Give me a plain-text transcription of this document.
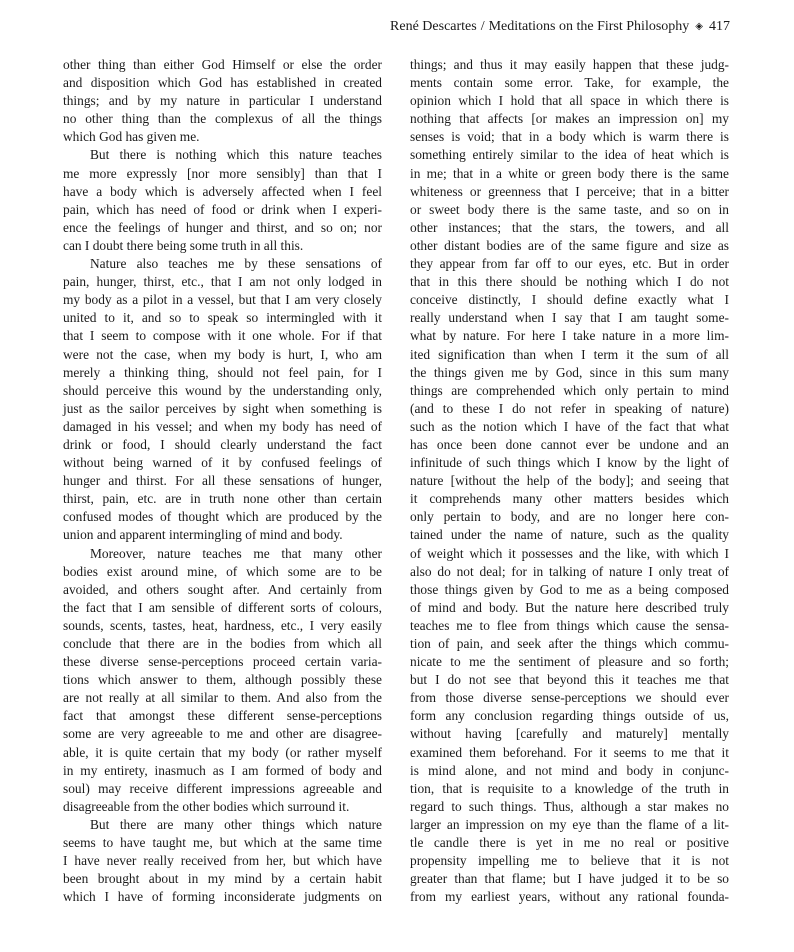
René Descartes / Meditations on the First Philosophy ◈ 417
other thing than either God Himself or else the order
and disposition which God has established in created
things; and by my nature in particular I understand
no other thing than the complexus of all the things
which God has given me.
But there is nothing which this nature teaches
me more expressly [nor more sensibly] than that I
have a body which is adversely affected when I feel
pain, which has need of food or drink when I experi-
ence the feelings of hunger and thirst, and so on; nor
can I doubt there being some truth in all this.
Nature also teaches me by these sensations of
pain, hunger, thirst, etc., that I am not only lodged in
my body as a pilot in a vessel, but that I am very closely
united to it, and so to speak so intermingled with it
that I seem to compose with it one whole. For if that
were not the case, when my body is hurt, I, who am
merely a thinking thing, should not feel pain, for I
should perceive this wound by the understanding only,
just as the sailor perceives by sight when something is
damaged in his vessel; and when my body has need of
drink or food, I should clearly understand the fact
without being warned of it by confused feelings of
hunger and thirst. For all these sensations of hunger,
thirst, pain, etc. are in truth none other than certain
confused modes of thought which are produced by the
union and apparent intermingling of mind and body.
Moreover, nature teaches me that many other
bodies exist around mine, of which some are to be
avoided, and others sought after. And certainly from
the fact that I am sensible of different sorts of colours,
sounds, scents, tastes, heat, hardness, etc., I very easily
conclude that there are in the bodies from which all
these diverse sense-perceptions proceed certain varia-
tions which answer to them, although possibly these
are not really at all similar to them. And also from the
fact that amongst these different sense-perceptions
some are very agreeable to me and other are disagree-
able, it is quite certain that my body (or rather myself
in my entirety, inasmuch as I am formed of body and
soul) may receive different impressions agreeable and
disagreeable from the other bodies which surround it.
But there are many other things which nature
seems to have taught me, but which at the same time
I have never really received from her, but which have
been brought about in my mind by a certain habit
which I have of forming inconsiderate judgments on
things; and thus it may easily happen that these judg-
ments contain some error. Take, for example, the
opinion which I hold that all space in which there is
nothing that affects [or makes an impression on] my
senses is void; that in a body which is warm there is
something entirely similar to the idea of heat which is
in me; that in a white or green body there is the same
whiteness or greenness that I perceive; that in a bitter
or sweet body there is the same taste, and so on in
other instances; that the stars, the towers, and all
other distant bodies are of the same figure and size as
they appear from far off to our eyes, etc. But in order
that in this there should be nothing which I do not
conceive distinctly, I should define exactly what I
really understand when I say that I am taught some-
what by nature. For here I take nature in a more lim-
ited signification than when I term it the sum of all
the things given me by God, since in this sum many
things are comprehended which only pertain to mind
(and to these I do not refer in speaking of nature)
such as the notion which I have of the fact that what
has once been done cannot ever be undone and an
infinitude of such things which I know by the light of
nature [without the help of the body]; and seeing that
it comprehends many other matters besides which
only pertain to body, and are no longer here con-
tained under the name of nature, such as the quality
of weight which it possesses and the like, with which I
also do not deal; for in talking of nature I only treat of
those things given by God to me as a being composed
of mind and body. But the nature here described truly
teaches me to flee from things which cause the sensa-
tion of pain, and seek after the things which commu-
nicate to me the sentiment of pleasure and so forth;
but I do not see that beyond this it teaches me that
from those diverse sense-perceptions we should ever
form any conclusion regarding things outside of us,
without having [carefully and maturely] mentally
examined them beforehand. For it seems to me that it
is mind alone, and not mind and body in conjunc-
tion, that is requisite to a knowledge of the truth in
regard to such things. Thus, although a star makes no
larger an impression on my eye than the flame of a lit-
tle candle there is yet in me no real or positive
propensity impelling me to believe that it is not
greater than that flame; but I have judged it to be so
from my earliest years, without any rational founda-
